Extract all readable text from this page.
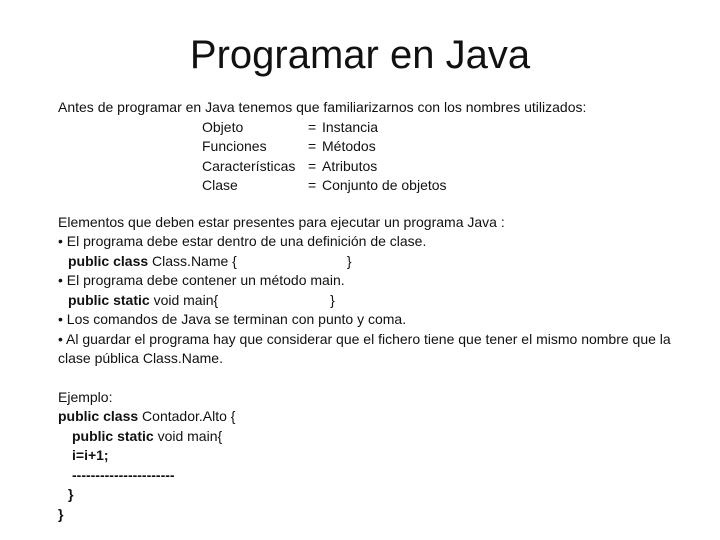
Programar en Java
Antes de programar en Java tenemos que familiarizarnos con los nombres utilizados:
Objeto	= Instancia
Funciones	= Métodos
Características = Atributos
Clase	= Conjunto de objetos
Elementos que deben estar presentes para ejecutar un programa Java :
• El programa debe estar dentro de una definición de clase.
public class Class.Name {	}
• El programa debe contener un método main.
public static void main{	}
• Los comandos de Java se terminan con punto y coma.
• Al guardar el programa hay que considerar que el fichero tiene que tener el mismo nombre que la clase pública Class.Name.
Ejemplo:
public class Contador.Alto {
public static void main{
i=i+1;
----------------------
}
}
